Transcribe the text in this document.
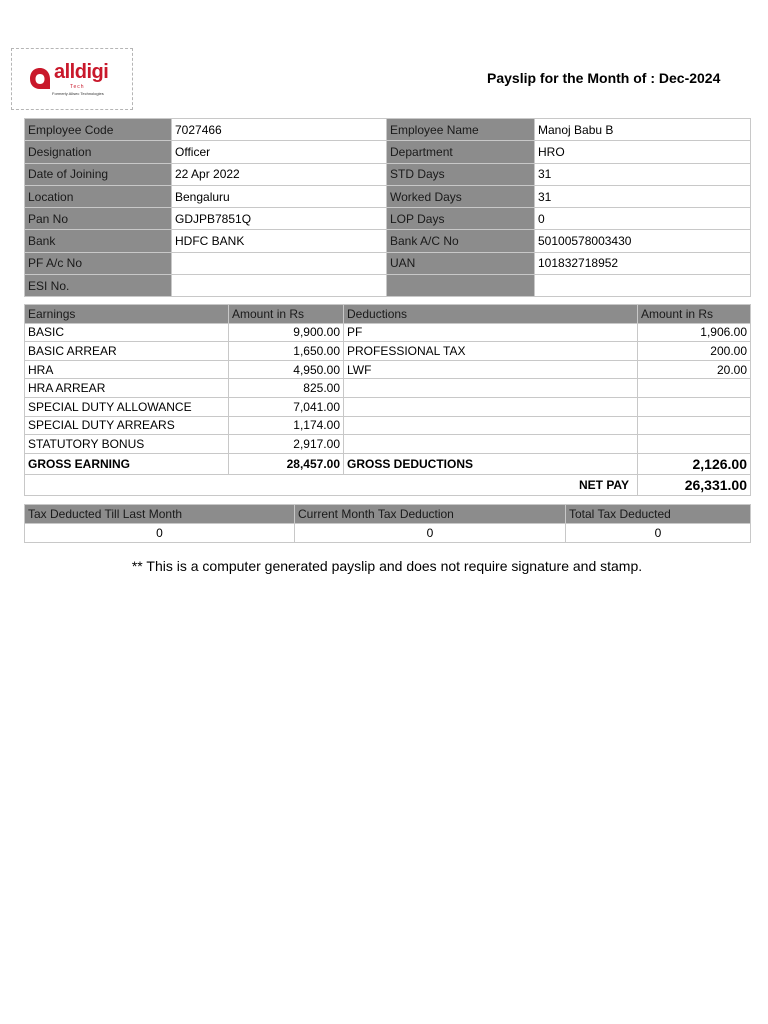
alldigi
Tech
Formerly Allsec Technologies
Payslip for the Month of : Dec-2024
Employee Code	7027466	Employee Name	Manoj Babu B
Designation	Officer	Department	HRO
Date of Joining	22 Apr 2022	STD Days	31
Location	Bengaluru	Worked Days	31
Pan No	GDJPB7851Q	LOP Days	0
Bank	HDFC BANK	Bank A/C No	50100578003430
PF A/c No		UAN	101832718952
ESI No.			
Earnings	Amount in Rs	Deductions	Amount in Rs
BASIC	9,900.00	PF	1,906.00
BASIC ARREAR	1,650.00	PROFESSIONAL TAX	200.00
HRA	4,950.00	LWF	20.00
HRA ARREAR	825.00		
SPECIAL DUTY ALLOWANCE	7,041.00		
SPECIAL DUTY ARREARS	1,174.00		
STATUTORY BONUS	2,917.00		
GROSS EARNING	28,457.00	GROSS DEDUCTIONS	2,126.00
NET PAY			26,331.00
Tax Deducted Till Last Month	Current Month Tax Deduction	Total Tax Deducted
0	0	0
** This is a computer generated payslip and does not require signature and stamp.
